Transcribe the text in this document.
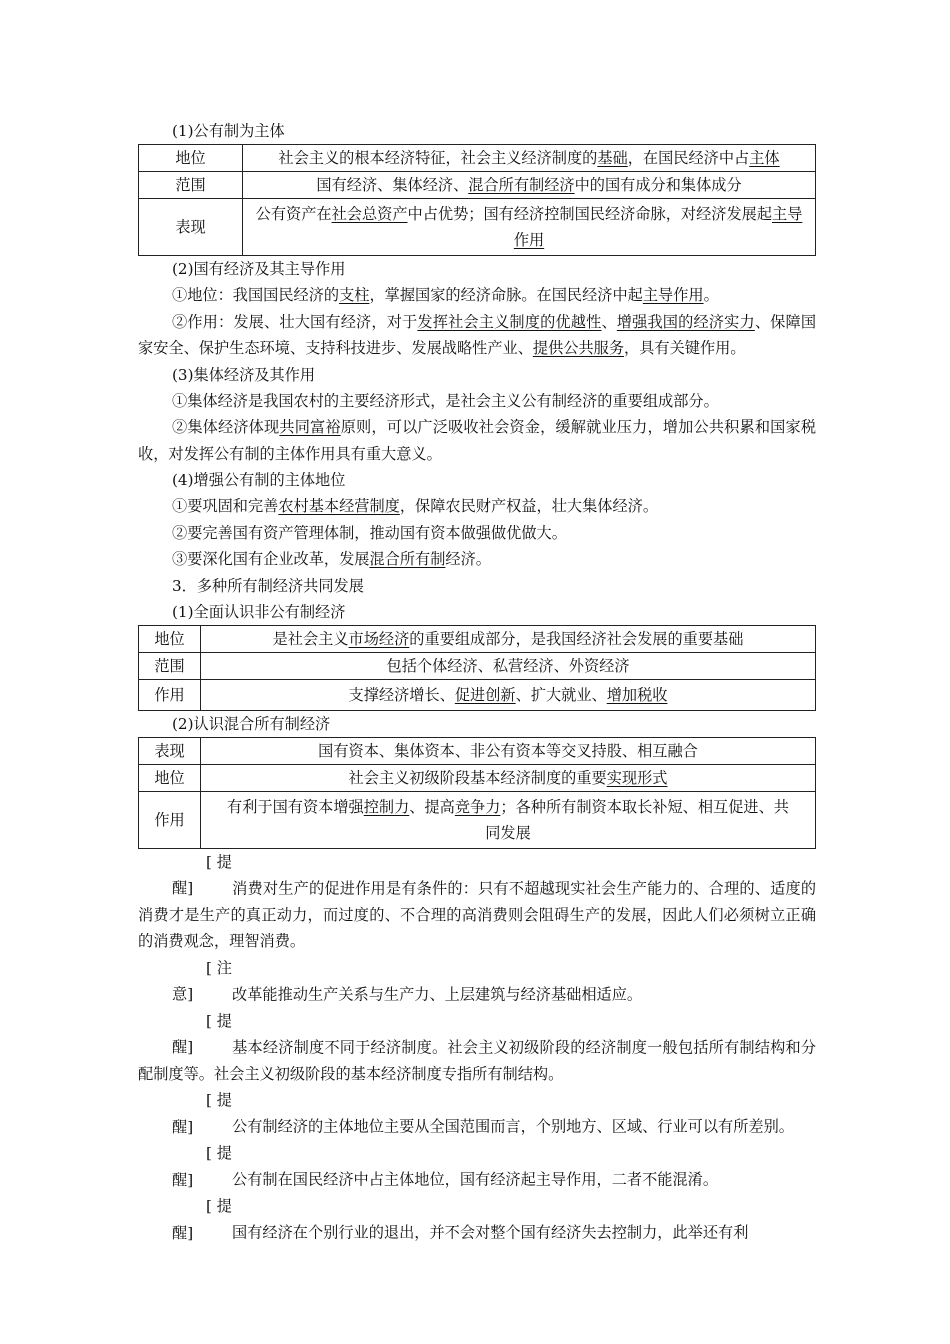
(1)公有制为主体
地位	社会主义的根本经济特征，社会主义经济制度的基础，在国民经济中占主体
范围	国有经济、集体经济、混合所有制经济中的国有成分和集体成分
表现	公有资产在社会总资产中占优势；国有经济控制国民经济命脉，对经济发展起主导作用
(2)国有经济及其主导作用
①地位：我国国民经济的支柱，掌握国家的经济命脉。在国民经济中起主导作用。
②作用：发展、壮大国有经济，对于发挥社会主义制度的优越性、增强我国的经济实力、保障国家安全、保护生态环境、支持科技进步、发展战略性产业、提供公共服务，具有关键作用。
(3)集体经济及其作用
①集体经济是我国农村的主要经济形式，是社会主义公有制经济的重要组成部分。
②集体经济体现共同富裕原则，可以广泛吸收社会资金，缓解就业压力，增加公共积累和国家税收，对发挥公有制的主体作用具有重大意义。
(4)增强公有制的主体地位
①要巩固和完善农村基本经营制度，保障农民财产权益，壮大集体经济。
②要完善国有资产管理体制，推动国有资本做强做优做大。
③要深化国有企业改革，发展混合所有制经济。
3．多种所有制经济共同发展
(1)全面认识非公有制经济
地位	是社会主义市场经济的重要组成部分，是我国经济社会发展的重要基础
范围	包括个体经济、私营经济、外资经济
作用	支撑经济增长、促进创新、扩大就业、增加税收
(2)认识混合所有制经济
表现	国有资本、集体资本、非公有资本等交叉持股、相互融合
地位	社会主义初级阶段基本经济制度的重要实现形式
作用	有利于国有资本增强控制力、提高竞争力；各种所有制资本取长补短、相互促进、共同发展
[提醒]	消费对生产的促进作用是有条件的：只有不超越现实社会生产能力的、合理的、适度的消费才是生产的真正动力，而过度的、不合理的高消费则会阻碍生产的发展，因此人们必须树立正确的消费观念，理智消费。
[注意]	改革能推动生产关系与生产力、上层建筑与经济基础相适应。
[提醒]	基本经济制度不同于经济制度。社会主义初级阶段的经济制度一般包括所有制结构和分配制度等。社会主义初级阶段的基本经济制度专指所有制结构。
[提醒]	公有制经济的主体地位主要从全国范围而言，个别地方、区域、行业可以有所差别。
[提醒]	公有制在国民经济中占主体地位，国有经济起主导作用，二者不能混淆。
[提醒]	国有经济在个别行业的退出，并不会对整个国有经济失去控制力，此举还有利
